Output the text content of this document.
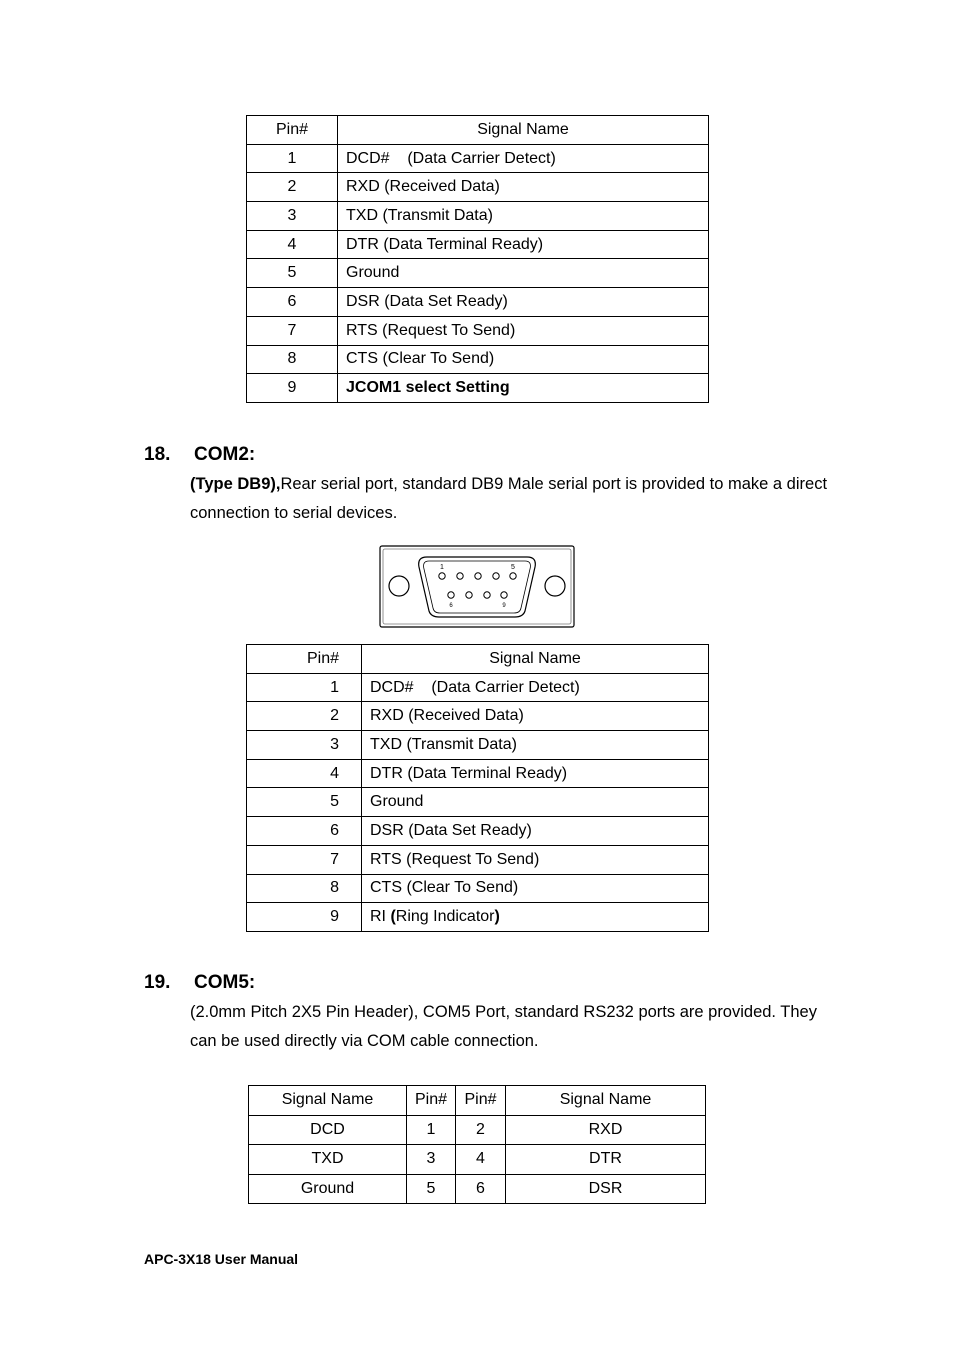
Pin#	Signal Name
1	DCD#    (Data Carrier Detect)
2	RXD (Received Data)
3	TXD (Transmit Data)
4	DTR (Data Terminal Ready)
5	Ground
6	DSR (Data Set Ready)
7	RTS (Request To Send)
8	CTS (Clear To Send)
9	JCOM1 select Setting
18. COM2:

(Type DB9),Rear serial port, standard DB9 Male serial port is provided to make a direct connection to serial devices.

1	5
6	9
Pin#	Signal Name
1	DCD#    (Data Carrier Detect)
2	RXD (Received Data)
3	TXD (Transmit Data)
4	DTR (Data Terminal Ready)
5	Ground
6	DSR (Data Set Ready)
7	RTS (Request To Send)
8	CTS (Clear To Send)
9	RI (Ring Indicator)
19. COM5:

(2.0mm Pitch 2X5 Pin Header), COM5 Port, standard RS232 ports are provided. They can be used directly via COM cable connection.

Signal Name	Pin#	Pin#	Signal Name
DCD	1	2	RXD
TXD	3	4	DTR
Ground	5	6	DSR
APC-3X18 User Manual
